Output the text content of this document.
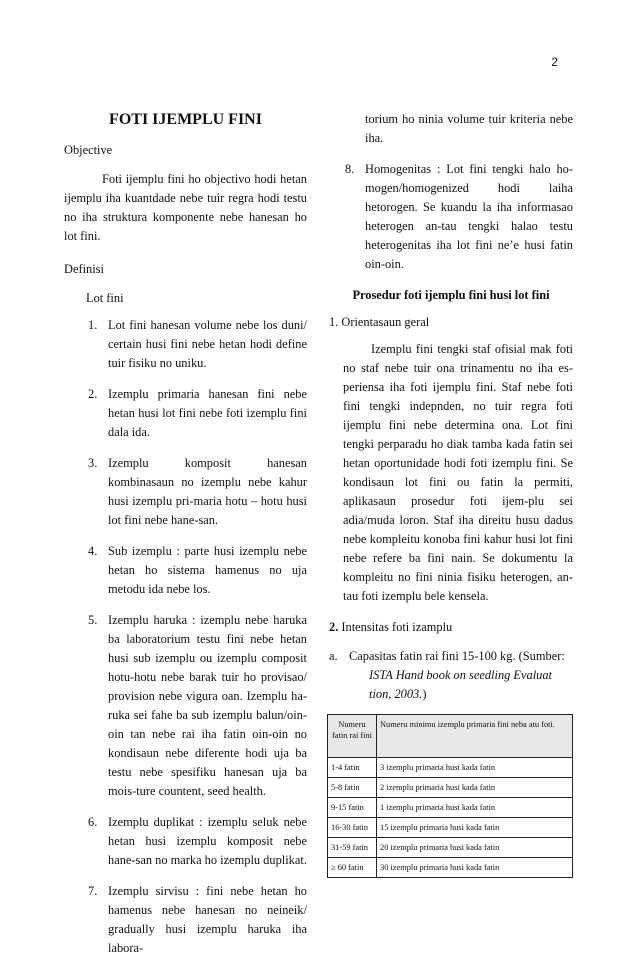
2

FOTI IJEMPLU FINI

Objective

Foti ijemplu fini ho objectivo hodi hetan ijemplu iha kuantdade nebe tuir regra hodi testu no iha struktura komponente nebe hanesan ho lot fini.

Definisi

Lot fini

1. Lot fini hanesan volume nebe los duni/ certain husi fini nebe hetan hodi define tuir fisiku no uniku.
2. Izemplu primaria hanesan fini nebe hetan husi lot fini nebe foti izemplu fini dala ida.
3. Izemplu komposit hanesan kombinasaun no izemplu nebe kahur husi izemplu pri-maria hotu – hotu husi lot fini nebe hane-san.
4. Sub izemplu : parte husi izemplu nebe hetan ho sistema hamenus no uja metodu ida nebe los.
5. Izemplu haruka : izemplu nebe haruka ba laboratorium testu fini nebe hetan husi sub izemplu ou izemplu composit hotu-hotu nebe barak tuir ho provisao/ provision nebe vigura oan. Izemplu ha-ruka sei fahe ba sub izemplu balun/oin-oin tan nebe rai iha fatin oin-oin no kondisaun nebe diferente hodi uja ba testu nebe spesifiku hanesan uja ba mois-ture countent, seed health.
6. Izemplu duplikat : izemplu seluk nebe hetan husi izemplu komposit nebe hane-san no marka ho izemplu duplikat.
7. Izemplu sirvisu : fini nebe hetan ho hamenus nebe hanesan no neineik/ gradually husi izemplu haruka iha labora-
torium ho ninia volume tuir kriteria nebe iha.
8. Homogenitas : Lot fini tengki halo ho-mogen/homogenized hodi laiha hetorogen. Se kuandu la iha informasao heterogen an-tau tengki halao testu heterogenitas iha lot fini ne’e husi fatin oin-oin.

Prosedur foti ijemplu fini husi lot fini

1. Orientasaun geral

Izemplu fini tengki staf ofisial mak foti no staf nebe tuir ona trinamentu no iha es-periensa iha foti ijemplu fini. Staf nebe foti fini tengki indepnden, no tuir regra foti ijemplu fini nebe determina ona. Lot fini tengki perparadu ho diak tamba kada fatin sei hetan oportunidade hodi foti izemplu fini. Se kondisaun lot fini ou fatin la permiti, aplikasaun prosedur foti ijem-plu sei adia/muda loron. Staf iha direitu husu dadus nebe kompleitu konoba fini kahur husi lot fini nebe refere ba fini nain. Se dokumentu la kompleitu no fini ninia fisiku heterogen, an-tau foti izemplu bele kensela.

2. Intensitas foti izamplu
a. Capasitas fatin rai fini 15-100 kg. (Sumber:
ISTA Hand book on seedling Evaluat tion, 2003.)
Numeru fatin rai fini	Numeru minimu izemplu primaria fini neba atu foti.

1-4 fatin	3 izemplu primaria husi kada fatin

5-8 fatin	2 izemplu primaria husi kada fatin

9-15 fatin	1 izemplu primaria husi kada fatin

16-30 fatin	15 izemplu primaria husi kada fatin

31-59 fatin	20 izemplu primaria husi kada fatin

≥ 60 fatin	30 izemplu primaria husi kada fatin
